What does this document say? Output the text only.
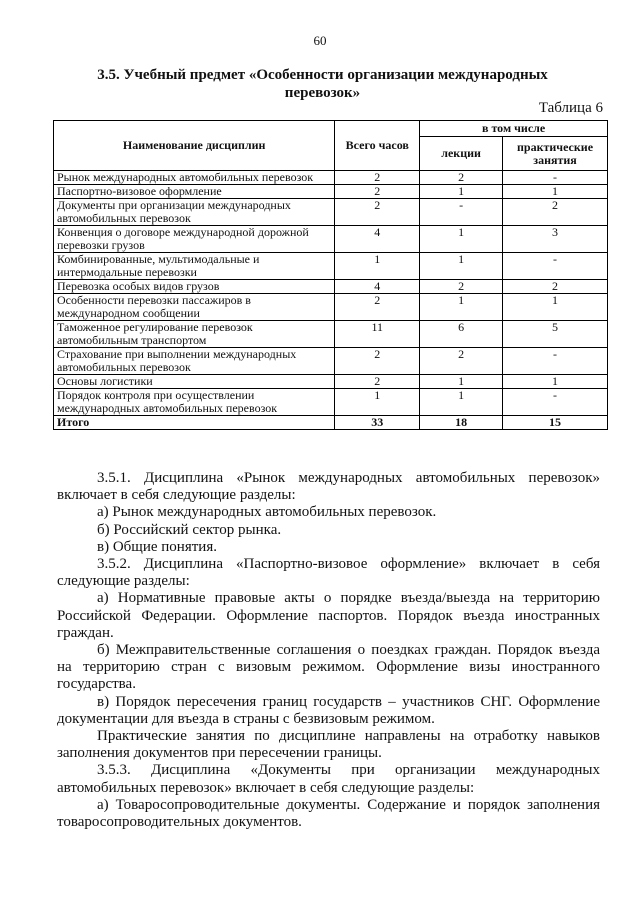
60
3.5. Учебный предмет «Особенности организации международных перевозок»
Таблица 6
Наименование дисциплин	Всего часов	в том числе	
		лекции	практические занятия
Рынок международных автомобильных перевозок	2	2	-
Паспортно-визовое оформление	2	1	1
Документы при организации международных автомобильных перевозок	2	-	2
Конвенция о договоре международной дорожной перевозки грузов	4	1	3
Комбинированные, мультимодальные и интермодальные перевозки	1	1	-
Перевозка особых видов грузов	4	2	2
Особенности перевозки пассажиров в международном сообщении	2	1	1
Таможенное регулирование перевозок автомобильным транспортом	11	6	5
Страхование при выполнении международных автомобильных перевозок	2	2	-
Основы логистики	2	1	1
Порядок контроля при осуществлении международных автомобильных перевозок	1	1	-
Итого	33	18	15

3.5.1. Дисциплина «Рынок международных автомобильных перевозок» включает в себя следующие разделы:

а) Рынок международных автомобильных перевозок.

б) Российский сектор рынка.

в) Общие понятия.

3.5.2. Дисциплина «Паспортно-визовое оформление» включает в себя следующие разделы:

а) Нормативные правовые акты о порядке въезда/выезда на территорию Российской Федерации. Оформление паспортов. Порядок въезда иностранных граждан.

б) Межправительственные соглашения о поездках граждан. Порядок въезда на территорию стран с визовым режимом. Оформление визы иностранного государства.

в) Порядок пересечения границ государств – участников СНГ. Оформление документации для въезда в страны с безвизовым режимом.

Практические занятия по дисциплине направлены на отработку навыков заполнения документов при пересечении границы.

3.5.3. Дисциплина «Документы при организации международных автомобильных перевозок» включает в себя следующие разделы:

а) Товаросопроводительные документы. Содержание и порядок заполнения товаросопроводительных документов.
